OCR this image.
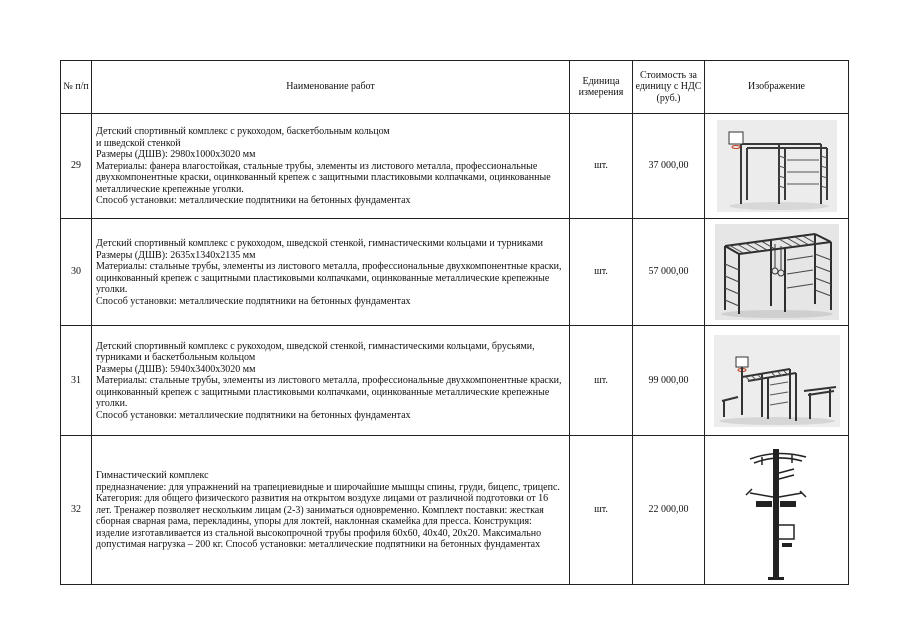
№ п/п	Наименование работ	Единица измерения	Стоимость за единицу с НДС (руб.)	Изображение
29	Детский спортивный комплекс с рукоходом, баскетбольным кольцом
и шведской стенкой
Размеры (ДШВ): 2980х1000х3020 мм
Материалы: фанера влагостойкая, стальные трубы, элементы из листового металла, профессиональные двухкомпонентные краски, оцинкованный крепеж с защитными пластиковыми колпачками, оцинкованные металлические крепежные уголки.
Способ установки: металлические подпятники на бетонных фундаментах	шт.	37 000,00	

30	Детский спортивный комплекс с рукоходом, шведской стенкой, гимнастическими кольцами и турниками
Размеры (ДШВ): 2635х1340х2135 мм
Материалы: стальные трубы, элементы из листового металла, профессиональные двухкомпонентные краски, оцинкованный крепеж с защитными пластиковыми колпачками, оцинкованные металлические крепежные уголки.
Способ установки: металлические подпятники на бетонных фундаментах	шт.	57 000,00	

31	Детский спортивный комплекс с рукоходом, шведской стенкой, гимнастическими кольцами, брусьями, турниками и баскетбольным кольцом
Размеры (ДШВ): 5940х3400х3020 мм
Материалы: стальные трубы, элементы из листового металла, профессиональные двухкомпонентные краски, оцинкованный крепеж с защитными пластиковыми колпачками, оцинкованные металлические крепежные уголки.
Способ установки: металлические подпятники на бетонных фундаментах	шт.	99 000,00	

32	Гимнастический комплекс
предназначение: для упражнений на трапециевидные и широчайшие мышцы спины, груди, бицепс, трицепс. Категория: для общего физического развития на открытом воздухе лицами от различной подготовки от 16 лет. Тренажер позволяет нескольким лицам (2-3) заниматься одновременно. Комплект поставки: жесткая сборная сварная рама, перекладины, упоры для локтей, наклонная скамейка для пресса. Конструкция: изделие изготавливается из стальной высокопрочной трубы профиля 60х60, 40х40, 20х20. Максимально допустимая нагрузка – 200 кг. Способ установки: металлические подпятники на бетонных фундаментах	шт.	22 000,00	
